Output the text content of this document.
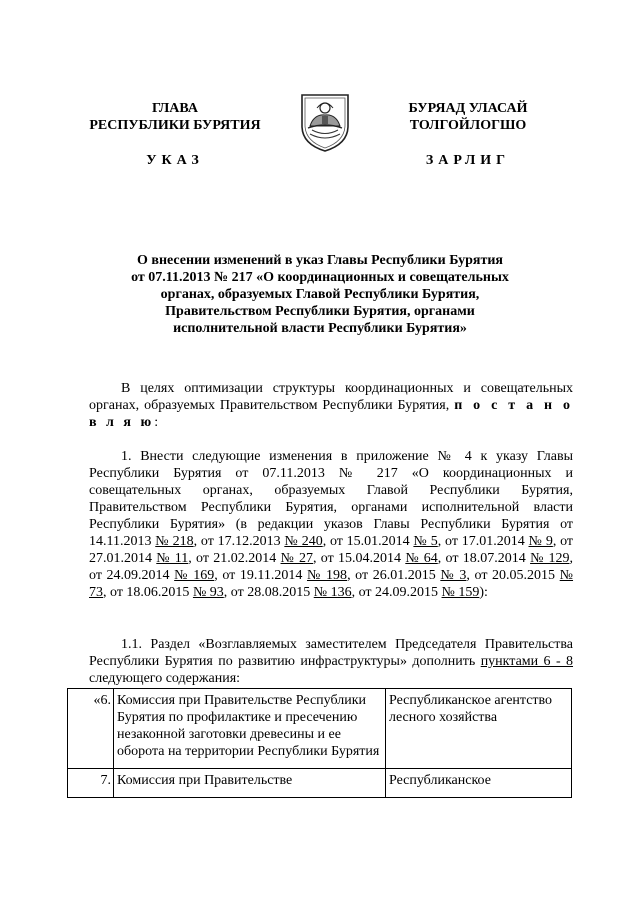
ГЛАВА
РЕСПУБЛИКИ БУРЯТИЯ
УКАЗ
БУРЯАД УЛАСАЙ
ТОЛГОЙЛОГШО
ЗАРЛИГ
О внесении изменений в указ Главы Республики Бурятия
от 07.11.2013 № 217 «О координационных и совещательных
органах, образуемых Главой Республики Бурятия,
Правительством Республики Бурятия, органами
исполнительной власти Республики Бурятия»
В целях оптимизации структуры координационных и совещательных органах, образуемых Правительством Республики Бурятия, п о с т а н о в л я ю:
1. Внести следующие изменения в приложение № 4 к указу Главы Республики Бурятия от 07.11.2013 № 217 «О координационных и совещательных органах, образуемых Главой Республики Бурятия, Правительством Республики Бурятия, органами исполнительной власти Республики Бурятия» (в редакции указов Главы Республики Бурятия от 14.11.2013 № 218, от 17.12.2013 № 240, от 15.01.2014 № 5, от 17.01.2014 № 9, от 27.01.2014 № 11, от 21.02.2014 № 27, от 15.04.2014 № 64, от 18.07.2014 № 129, от 24.09.2014 № 169, от 19.11.2014 № 198, от 26.01.2015 № 3, от 20.05.2015 № 73, от 18.06.2015 № 93, от 28.08.2015 № 136, от 24.09.2015 № 159):
1.1. Раздел «Возглавляемых заместителем Председателя Правительства Республики Бурятия по развитию инфраструктуры» дополнить пунктами 6 - 8 следующего содержания:
«6.	Комиссия при Правительстве Республики Бурятия по профилактике и пресечению незаконной заготовки древесины и ее оборота на территории Республики Бурятия	Республиканское агентство лесного хозяйства
7.	Комиссия при Правительстве	Республиканское
